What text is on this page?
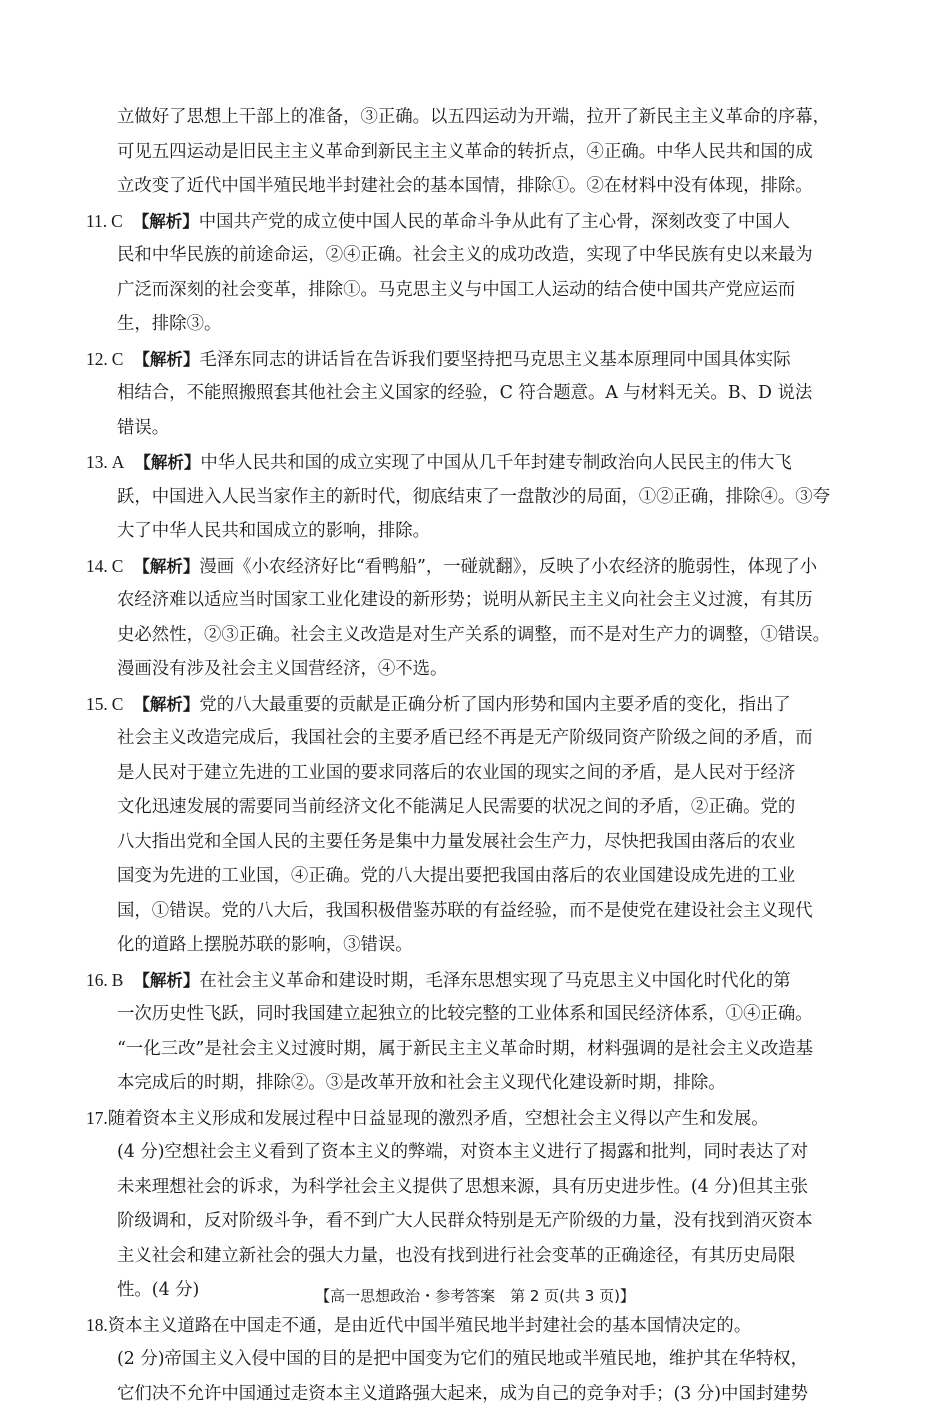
立做好了思想上干部上的准备，③正确。以五四运动为开端，拉开了新民主主义革命的序幕，
可见五四运动是旧民主主义革命到新民主主义革命的转折点，④正确。中华人民共和国的成
立改变了近代中国半殖民地半封建社会的基本国情，排除①。②在材料中没有体现，排除。
11. C 【解析】中国共产党的成立使中国人民的革命斗争从此有了主心骨，深刻改变了中国人
民和中华民族的前途命运，②④正确。社会主义的成功改造，实现了中华民族有史以来最为
广泛而深刻的社会变革，排除①。马克思主义与中国工人运动的结合使中国共产党应运而
生，排除③。
12. C 【解析】毛泽东同志的讲话旨在告诉我们要坚持把马克思主义基本原理同中国具体实际
相结合，不能照搬照套其他社会主义国家的经验，C 符合题意。A 与材料无关。B、D 说法
错误。
13. A 【解析】中华人民共和国的成立实现了中国从几千年封建专制政治向人民民主的伟大飞
跃，中国进入人民当家作主的新时代，彻底结束了一盘散沙的局面，①②正确，排除④。③夸
大了中华人民共和国成立的影响，排除。
14. C 【解析】漫画《小农经济好比“看鸭船”，一碰就翻》，反映了小农经济的脆弱性，体现了小
农经济难以适应当时国家工业化建设的新形势；说明从新民主主义向社会主义过渡，有其历
史必然性，②③正确。社会主义改造是对生产关系的调整，而不是对生产力的调整，①错误。
漫画没有涉及社会主义国营经济，④不选。
15. C 【解析】党的八大最重要的贡献是正确分析了国内形势和国内主要矛盾的变化，指出了
社会主义改造完成后，我国社会的主要矛盾已经不再是无产阶级同资产阶级之间的矛盾，而
是人民对于建立先进的工业国的要求同落后的农业国的现实之间的矛盾，是人民对于经济
文化迅速发展的需要同当前经济文化不能满足人民需要的状况之间的矛盾，②正确。党的
八大指出党和全国人民的主要任务是集中力量发展社会生产力，尽快把我国由落后的农业
国变为先进的工业国，④正确。党的八大提出要把我国由落后的农业国建设成先进的工业
国，①错误。党的八大后，我国积极借鉴苏联的有益经验，而不是使党在建设社会主义现代
化的道路上摆脱苏联的影响，③错误。
16. B 【解析】在社会主义革命和建设时期，毛泽东思想实现了马克思主义中国化时代化的第
一次历史性飞跃，同时我国建立起独立的比较完整的工业体系和国民经济体系，①④正确。
“一化三改”是社会主义过渡时期，属于新民主主义革命时期，材料强调的是社会主义改造基
本完成后的时期，排除②。③是改革开放和社会主义现代化建设新时期，排除。
17.随着资本主义形成和发展过程中日益显现的激烈矛盾，空想社会主义得以产生和发展。
(4 分)空想社会主义看到了资本主义的弊端，对资本主义进行了揭露和批判，同时表达了对
未来理想社会的诉求，为科学社会主义提供了思想来源，具有历史进步性。(4 分)但其主张
阶级调和，反对阶级斗争，看不到广大人民群众特别是无产阶级的力量，没有找到消灭资本
主义社会和建立新社会的强大力量，也没有找到进行社会变革的正确途径，有其历史局限
性。(4 分)
18.资本主义道路在中国走不通，是由近代中国半殖民地半封建社会的基本国情决定的。
(2 分)帝国主义入侵中国的目的是把中国变为它们的殖民地或半殖民地，维护其在华特权，
它们决不允许中国通过走资本主义道路强大起来，成为自己的竞争对手；(3 分)中国封建势
【高一思想政治・参考答案　第 2 页(共 3 页)】
